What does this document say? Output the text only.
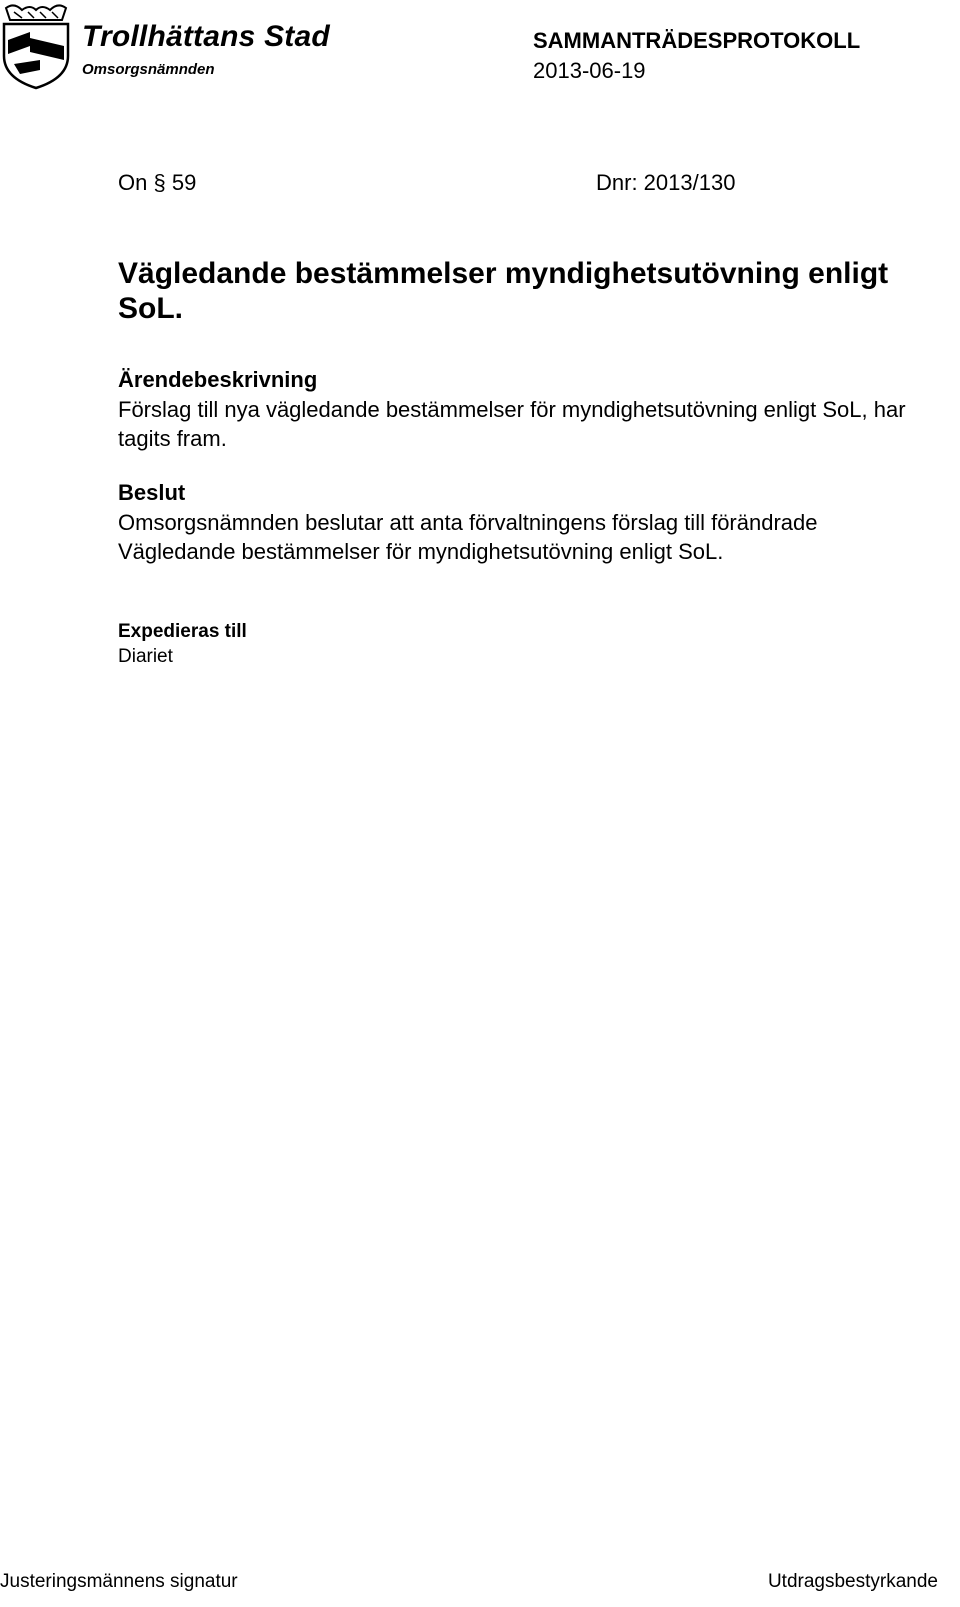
Trollhättans Stad
Omsorgsnämnden
SAMMANTRÄDESPROTOKOLL
2013-06-19
On § 59	Dnr: 2013/130
Vägledande bestämmelser myndighetsutövning enligt SoL.
Ärendebeskrivning
Förslag till nya vägledande bestämmelser för myndighetsutövning enligt SoL, har tagits fram.
Beslut
Omsorgsnämnden beslutar att anta förvaltningens förslag till förändrade Vägledande bestämmelser för myndighetsutövning enligt SoL.
Expedieras till
Diariet
Justeringsmännens signatur	Utdragsbestyrkande
